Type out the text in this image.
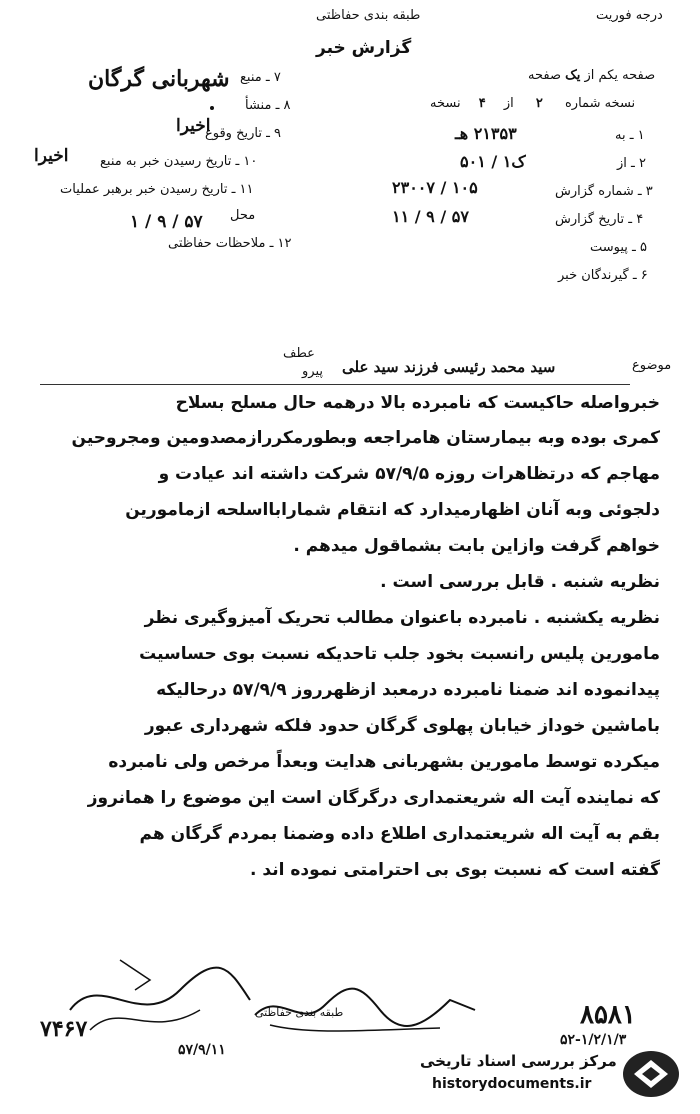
طبقه بندی حفاظتی
گزارش خبر
درجه فوریت
صفحه یکم از یک صفحه
نسخه شماره ۲ از ۴ نسخه
۱ ـ به
۲۱۳۵۳ هـ
۲ ـ از
ک۱ / ۵۰۱
۳ ـ شماره گزارش
۱۰۵ / ۲۳۰۰۷
۴ ـ تاریخ گزارش
۵۷ / ۹ / ۱۱
۵ ـ پیوست
۶ ـ گیرندگان خبر
۷ ـ منبع
شهربانی گرگان
۸ ـ منشأ
۹ ـ تاریخ وقوع
اخیرا
۱۰ ـ تاریخ رسیدن خبر به منبع
اخیرا
۱۱ ـ تاریخ رسیدن خبر برهبر عملیات
محل
۵۷ / ۹ / ۱
۱۲ ـ ملاحظات حفاظتی
عطف
موضوع
سید محمد رئیسی فرزند سید علی
پیرو
خبرواصله حاکیست که نامبرده بالا درهمه حال مسلح بسلاح
کمری بوده وبه بیمارستان هامراجعه وبطورمکررازمصدومین ومجروحین
مهاجم که درتظاهرات روزه ۵۷/۹/۵ شرکت داشته اند عیادت و
دلجوئی وبه آنان اظهارمیدارد که انتقام شمارابااسلحه ازمامورین
خواهم گرفت وازاین بابت بشماقول میدهم .
نظریه شنبه . قابل بررسی است .
نظریه یکشنبه . نامبرده باعنوان مطالب تحریک آمیزوگیری نظر
مامورین پلیس رانسبت بخود جلب تاحدیکه نسبت بوی حساسیت
پیدانموده اند ضمنا نامبرده درمعبد ازظهرروز ۵۷/۹/۹ درحالیکه
باماشین خوداز خیابان پهلوی گرگان حدود فلکه شهرداری عبور
میکرده توسط مامورین بشهربانی هدایت وبعداً مرخص ولی نامبرده
که نماینده آیت اله شریعتمداری درگرگان است این موضوع را همانروز
بقم به آیت اله شریعتمداری اطلاع داده وضمنا بمردم گرگان هم
گفته است که نسبت بوی بی احترامتی نموده اند .
طبقه بندی حفاظتی	۸۵۸۱
۵۲-۱/۲/۱/۳
۷۴۶۷
۵۷/۹/۱۱
مرکز بررسی اسناد تاریخی
historydocuments.ir
